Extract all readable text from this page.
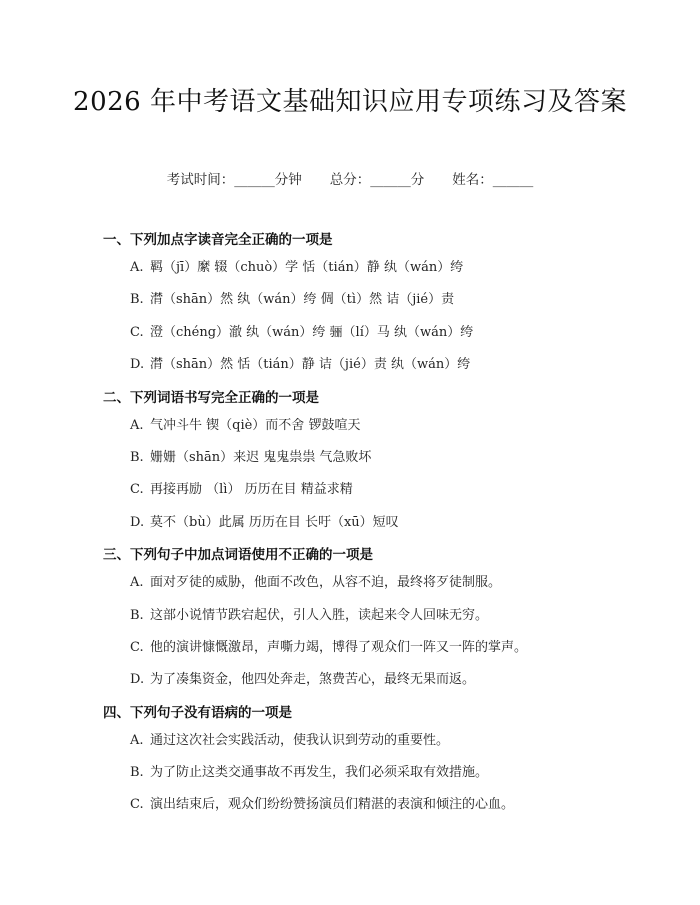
2026 年中考语文基础知识应用专项练习及答案
考试时间：______分钟 总分：______分 姓名：______
一、下列加点字读音完全正确的一项是
A. 羁（jī）縻 辍（chuò）学 恬（tián）静 纨（wán）绔
B. 潸（shān）然 纨（wán）绔 倜（tì）然 诘（jié）责
C. 澄（chéng）澈 纨（wán）绔 骊（lí）马 纨（wán）绔
D. 潸（shān）然 恬（tián）静 诘（jié）责 纨（wán）绔
二、下列词语书写完全正确的一项是
A. 气冲斗牛 锲（qiè）而不舍 锣鼓喧天
B. 姗姗（shān）来迟 鬼鬼祟祟 气急败坏
C. 再接再励 （lì） 历历在目 精益求精
D. 莫不（bù）此属 历历在目 长吁（xū）短叹
三、下列句子中加点词语使用不正确的一项是
A. 面对歹徒的威胁，他面不改色，从容不迫，最终将歹徒制服。
B. 这部小说情节跌宕起伏，引人入胜，读起来令人回味无穷。
C. 他的演讲慷慨激昂，声嘶力竭，博得了观众们一阵又一阵的掌声。
D. 为了凑集资金，他四处奔走，煞费苦心，最终无果而返。
四、下列句子没有语病的一项是
A. 通过这次社会实践活动，使我认识到劳动的重要性。
B. 为了防止这类交通事故不再发生，我们必须采取有效措施。
C. 演出结束后，观众们纷纷赞扬演员们精湛的表演和倾注的心血。
